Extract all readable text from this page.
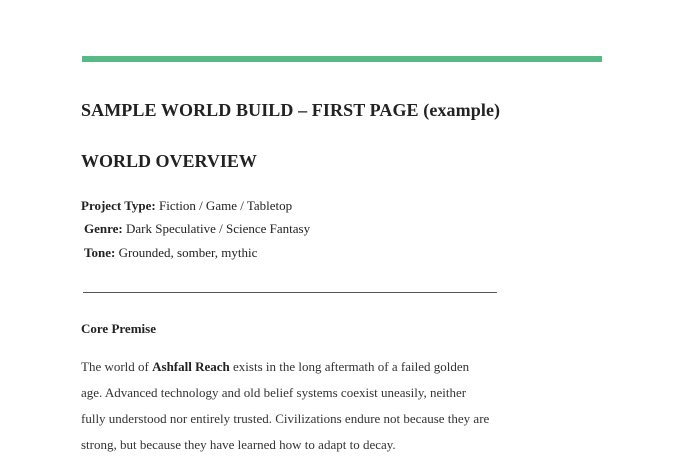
SAMPLE WORLD BUILD – FIRST PAGE (example)
WORLD OVERVIEW

Project Type: Fiction / Game / Tabletop

Genre: Dark Speculative / Science Fantasy

Tone: Grounded, somber, mythic

Core Premise

The world of Ashfall Reach exists in the long aftermath of a failed golden
age. Advanced technology and old belief systems coexist uneasily, neither
fully understood nor entirely trusted. Civilizations endure not because they are
strong, but because they have learned how to adapt to decay.
